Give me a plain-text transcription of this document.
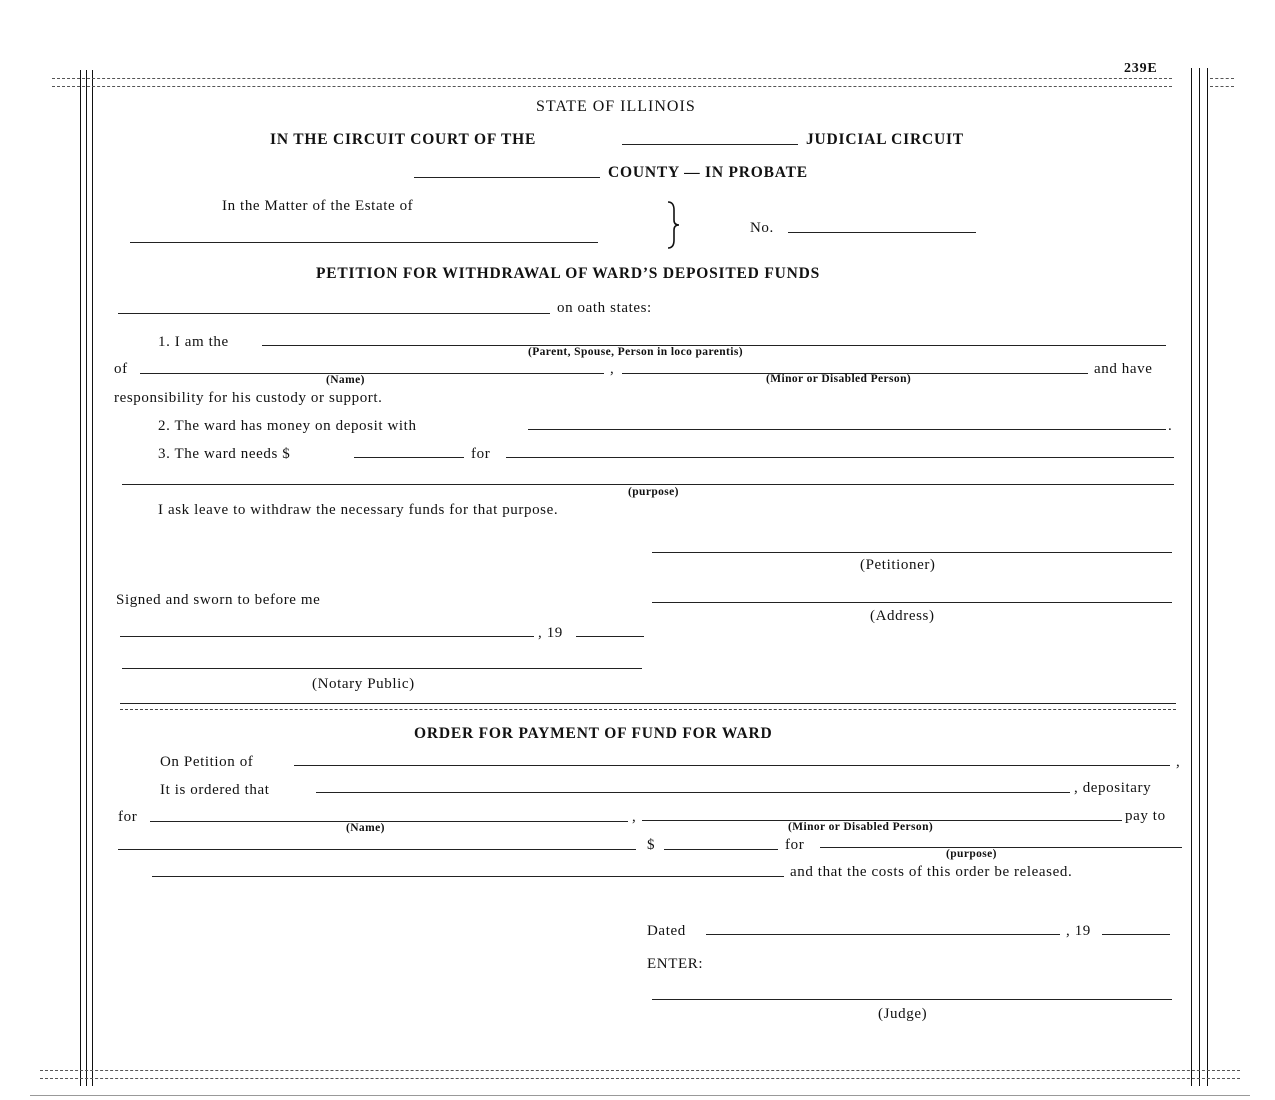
239E
STATE OF ILLINOIS
IN THE CIRCUIT COURT OF THE	JUDICIAL CIRCUIT
COUNTY — IN PROBATE
In the Matter of the Estate of
No.
PETITION FOR WITHDRAWAL OF WARD’S DEPOSITED FUNDS
on oath states:
1. I am the
(Parent, Spouse, Person in loco parentis)
of	,	and have
(Name)	(Minor or Disabled Person)
responsibility for his custody or support.
2. The ward has money on deposit with	.
3. The ward needs $	for
(purpose)
I ask leave to withdraw the necessary funds for that purpose.
(Petitioner)
Signed and sworn to before me
(Address)
, 19
(Notary Public)
ORDER FOR PAYMENT OF FUND FOR WARD
On Petition of	,
It is ordered that	, depositary
for	,	pay to
(Name)	(Minor or Disabled Person)
$	for
(purpose)
and that the costs of this order be released.
Dated	, 19
ENTER:
(Judge)
